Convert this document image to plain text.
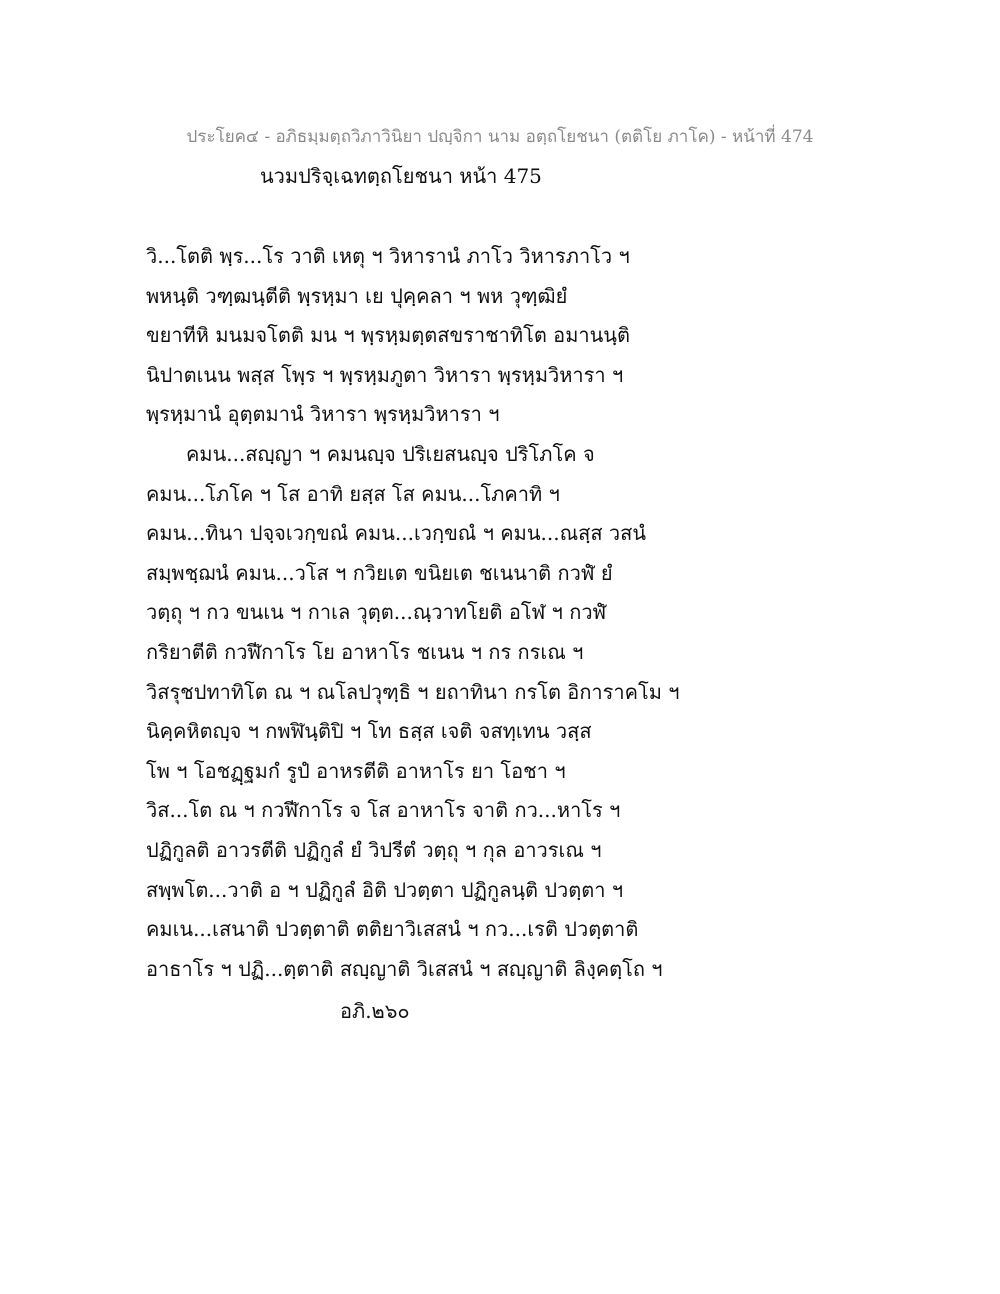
ประโยค๔ - อภิธมฺมตฺถวิภาวินิยา ปญฺจิกา นาม อตฺถโยชนา (ตติโย ภาโค) - หน้าที่ 474
นวมปริจฺเฉทตฺถโยชนา หน้า 475
วิ...โตติ พฺร...โร วาติ เหตุ ฯ วิหารานํ ภาโว วิหารภาโว ฯ
พหนฺติ วฑฺฒนฺตีติ พฺรหฺมา เย ปุคฺคลา ฯ พห วุฑฺฒิยํ
ขยาทีหิ มนมจโตติ มน ฯ พฺรหฺมตฺตสขราชาทิโต อมานนฺติ
นิปาตเนน พสฺส โพฺร ฯ พฺรหฺมภูตา วิหารา พฺรหฺมวิหารา ฯ
พฺรหฺมานํ อุตฺตมานํ วิหารา พฺรหฺมวิหารา ฯ
คมน...สญฺญา ฯ คมนญฺจ ปริเยสนญฺจ ปริโภโค จ
คมน...โภโค ฯ โส อาทิ ยสฺส โส คมน...โภคาทิ ฯ
คมน...ทินา ปจฺจเวกฺขณํ คมน...เวกฺขณํ ฯ คมน...ณสฺส วสนํ
สมฺพชฺฌนํ คมน...วโส ฯ กวิยเต ขนิยเต ชเนนาติ กวฬํ ยํ
วตฺถุ ฯ กว ขนเน ฯ กาเล วุตฺต...ณฺวาทโยติ อโฬ ฯ กวฬํ
กริยาตีติ กวฬีกาโร โย อาหาโร ชเนน ฯ กร กรเณ ฯ
วิสรุชปทาทิโต ณ ฯ ณโลปวุฑฺธิ ฯ ยถาทินา กรโต อิการาคโม ฯ
นิคฺคหิตญฺจ ฯ กพฬินฺติปิ ฯ โท ธสฺส เจติ จสทฺเทน วสฺส
โพ ฯ โอชฏฺฐมกํ รูปํ อาหรตีติ อาหาโร ยา โอชา ฯ
วิส...โต ณ ฯ กวฬีกาโร จ โส อาหาโร จาติ กว...หาโร ฯ
ปฏิกูลติ อาวรตีติ ปฏิกูลํ ยํ วิปรีตํ วตฺถุ ฯ กุล อาวรเณ ฯ
สพฺพโต...วาติ อ ฯ ปฏิกูลํ อิติ ปวตฺตา ปฏิกูลนฺติ ปวตฺตา ฯ
คมเน...เสนาติ ปวตฺตาติ ตติยาวิเสสนํ ฯ กว...เรติ ปวตฺตาติ
อาธาโร ฯ ปฏิ...ตฺตาติ สญฺญาติ วิเสสนํ ฯ สญฺญาติ ลิงฺคตฺโถ ฯ
อภิ.๒๖๐
